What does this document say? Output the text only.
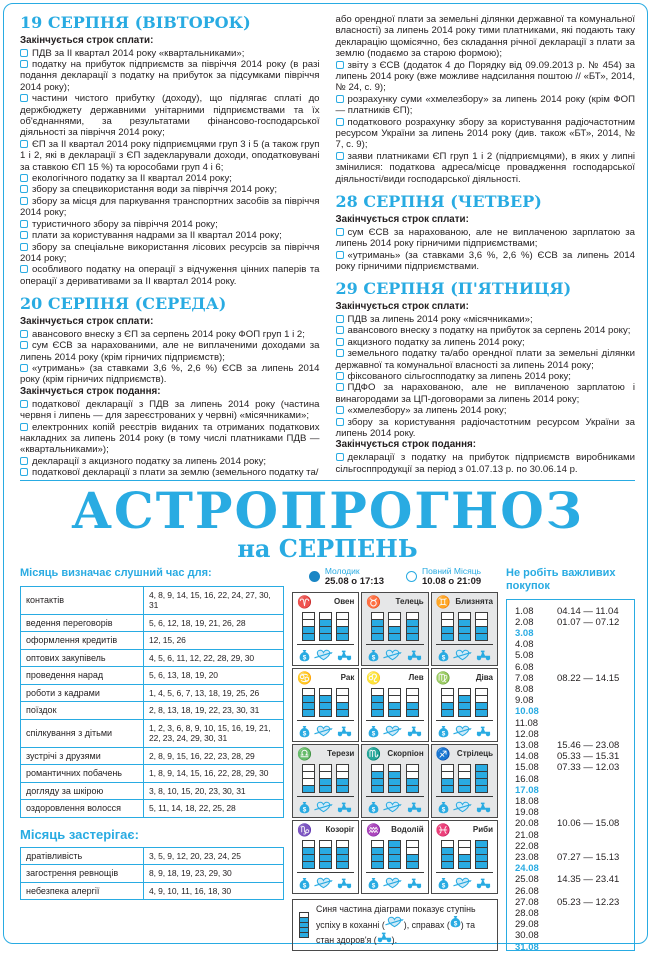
19 СЕРПНЯ (ВІВТОРОК)

Закінчується строк сплати:

ПДВ за II квартал 2014 року «квартальниками»;

податку на прибуток підприємств за півріччя 2014 року (в разі подання декларації з податку на прибуток за підсумками півріччя 2014 року);

частини чистого прибутку (доходу), що підлягає сплаті до держбюджету державними унітарними підприємствами та їх об'єднаннями, за результатами фінансово-господарської діяльності за півріччя 2014 року;

ЄП за II квартал 2014 року підприємцями груп 3 і 5 (а також груп 1 і 2, які в декларації з ЄП задекларували доходи, оподатковувані за ставкою ЄП 15 %) та юрособами груп 4 і 6;

екологічного податку за II квартал 2014 року;

збору за спецвикористання води за півріччя 2014 року;

збору за місця для паркування транспортних засобів за півріччя 2014 року;

туристичного збору за півріччя 2014 року;

плати за користування надрами за II квартал 2014 року;

збору за спеціальне використання лісових ресурсів за півріччя 2014 року;

особливого податку на операції з відчуження цінних паперів та операції з деривативами за II квартал 2014 року.

20 СЕРПНЯ (СЕРЕДА)

Закінчується строк сплати:

авансового внеску з ЄП за серпень 2014 року ФОП груп 1 і 2;

сум ЄСВ за нарахованими, але не виплаченими доходами за липень 2014 року (крім гірничих підприємств);

«утримань» (за ставками 3,6 %, 2,6 %) ЄСВ за липень 2014 року (крім гірничих підприємств).

Закінчується строк подання:

податкової декларації з ПДВ за липень 2014 року (частина червня і липень — для зареєстрованих у червні) «місячниками»;

електронних копій реєстрів виданих та отриманих податкових накладних за липень 2014 року (в тому числі платниками ПДВ — «квартальниками»);

декларації з акцизного податку за липень 2014 року;

податкової декларації з плати за землю (земельного податку та/

або орендної плати за земельні ділянки державної та комунальної власності) за липень 2014 року тими платниками, які подають таку декларацію щомісячно, без складання річної декларації з плати за землю (подаємо за старою формою);

звіту з ЄСВ (додаток 4 до Порядку від 09.09.2013 р. № 454) за липень 2014 року (вже можливе надсилання поштою // «БТ», 2014, № 24, с. 9);

розрахунку суми «хмелезбору» за липень 2014 року (крім ФОП — платників ЄП);

податкового розрахунку збору за користування радіочастотним ресурсом України за липень 2014 року (див. також «БТ», 2014, № 7, с. 9);

заяви платниками ЄП груп 1 і 2 (підприємцями), в яких у липні змінилися: податкова адреса/місце провадження господарської діяльності/види господарської діяльності.

28 СЕРПНЯ (ЧЕТВЕР)

Закінчується строк сплати:

сум ЄСВ за нарахованою, але не виплаченою зарплатою за липень 2014 року гірничими підприємствами;

«утримань» (за ставками 3,6 %, 2,6 %) ЄСВ за липень 2014 року гірничими підприємствами.

29 СЕРПНЯ (П'ЯТНИЦЯ)

Закінчується строк сплати:

ПДВ за липень 2014 року «місячниками»;

авансового внеску з податку на прибуток за серпень 2014 року;

акцизного податку за липень 2014 року;

земельного податку та/або орендної плати за земельні ділянки державної та комунальної власності за липень 2014 року;

фіксованого сільгоспподатку за липень 2014 року;

ПДФО за нарахованою, але не виплаченою зарплатою і винагородами за ЦП-договорами за липень 2014 року;

«хмелезбору» за липень 2014 року;

збору за користування радіочастотним ресурсом України за липень 2014 року.

Закінчується строк подання:

декларації з податку на прибуток підприємств виробниками сільгосппродукції за період з 01.07.13 р. по 30.06.14 р.

АСТРОПРОГНОЗ
на СЕРПЕНЬ
Місяць визначає слушний час для:
контактів	4, 8, 9, 14, 15, 16, 22, 24, 27, 30, 31
ведення переговорів	5, 6, 12, 18, 19, 21, 26, 28
оформлення кредитів	12, 15, 26
оптових закупівель	4, 5, 6, 11, 12, 22, 28, 29, 30
проведення нарад	5, 6, 13, 18, 19, 20
роботи з кадрами	1, 4, 5, 6, 7, 13, 18, 19, 25, 26
поїздок	2, 8, 13, 18, 19, 22, 23, 30, 31
спілкування з дітьми	1, 2, 3, 6, 8, 9, 10, 15, 16, 19, 21, 22, 23, 24, 29, 30, 31
зустрічі з друзями	2, 8, 9, 15, 16, 22, 23, 28, 29
романтичних побачень	1, 8, 9, 14, 15, 16, 22, 28, 29, 30
догляду за шкірою	3, 8, 10, 15, 20, 23, 30, 31
оздоровлення волосся	5, 11, 14, 18, 22, 25, 28
Місяць застерігає:
дратівливість	3, 5, 9, 12, 20, 23, 24, 25
загострення ревнощів	8, 9, 18, 19, 23, 29, 30
небезпека алергії	4, 9, 10, 11, 16, 18, 30
Молодик
25.08 о 17:13
Повний Місяць
10.08 о 21:09
♈	Овен
$
♉ Телець
$
♊ Близнята
$
♋	Рак
$
♌	Лев
$
♍	Діва
$
♎ Терези
$
♏ Скорпіон
$
♐ Стрілець
$
♑ Козоріг
$
♒ Водолій
$
♓	Риби
$
Синя частина діаграми показує ступінь успіху в коханні ( ), справах ( $ ) та стан здоров'я ( ).
Не робіть важливих покупок
1.08	04.14 — 11.04
2.08	01.07 — 07.12
3.08
4.08
5.08
6.08
7.08	08.22 — 14.15
8.08
9.08
10.08
11.08
12.08
13.08	15.46 — 23.08
14.08	05.33 — 15.31
15.08	07.33 — 12.03
16.08
17.08
18.08
19.08
20.08	10.06 — 15.08
21.08
22.08
23.08	07.27 — 15.13
24.08
25.08	14.35 — 23.41
26.08
27.08	05.23 — 12.23
28.08
29.08
30.08
31.08
